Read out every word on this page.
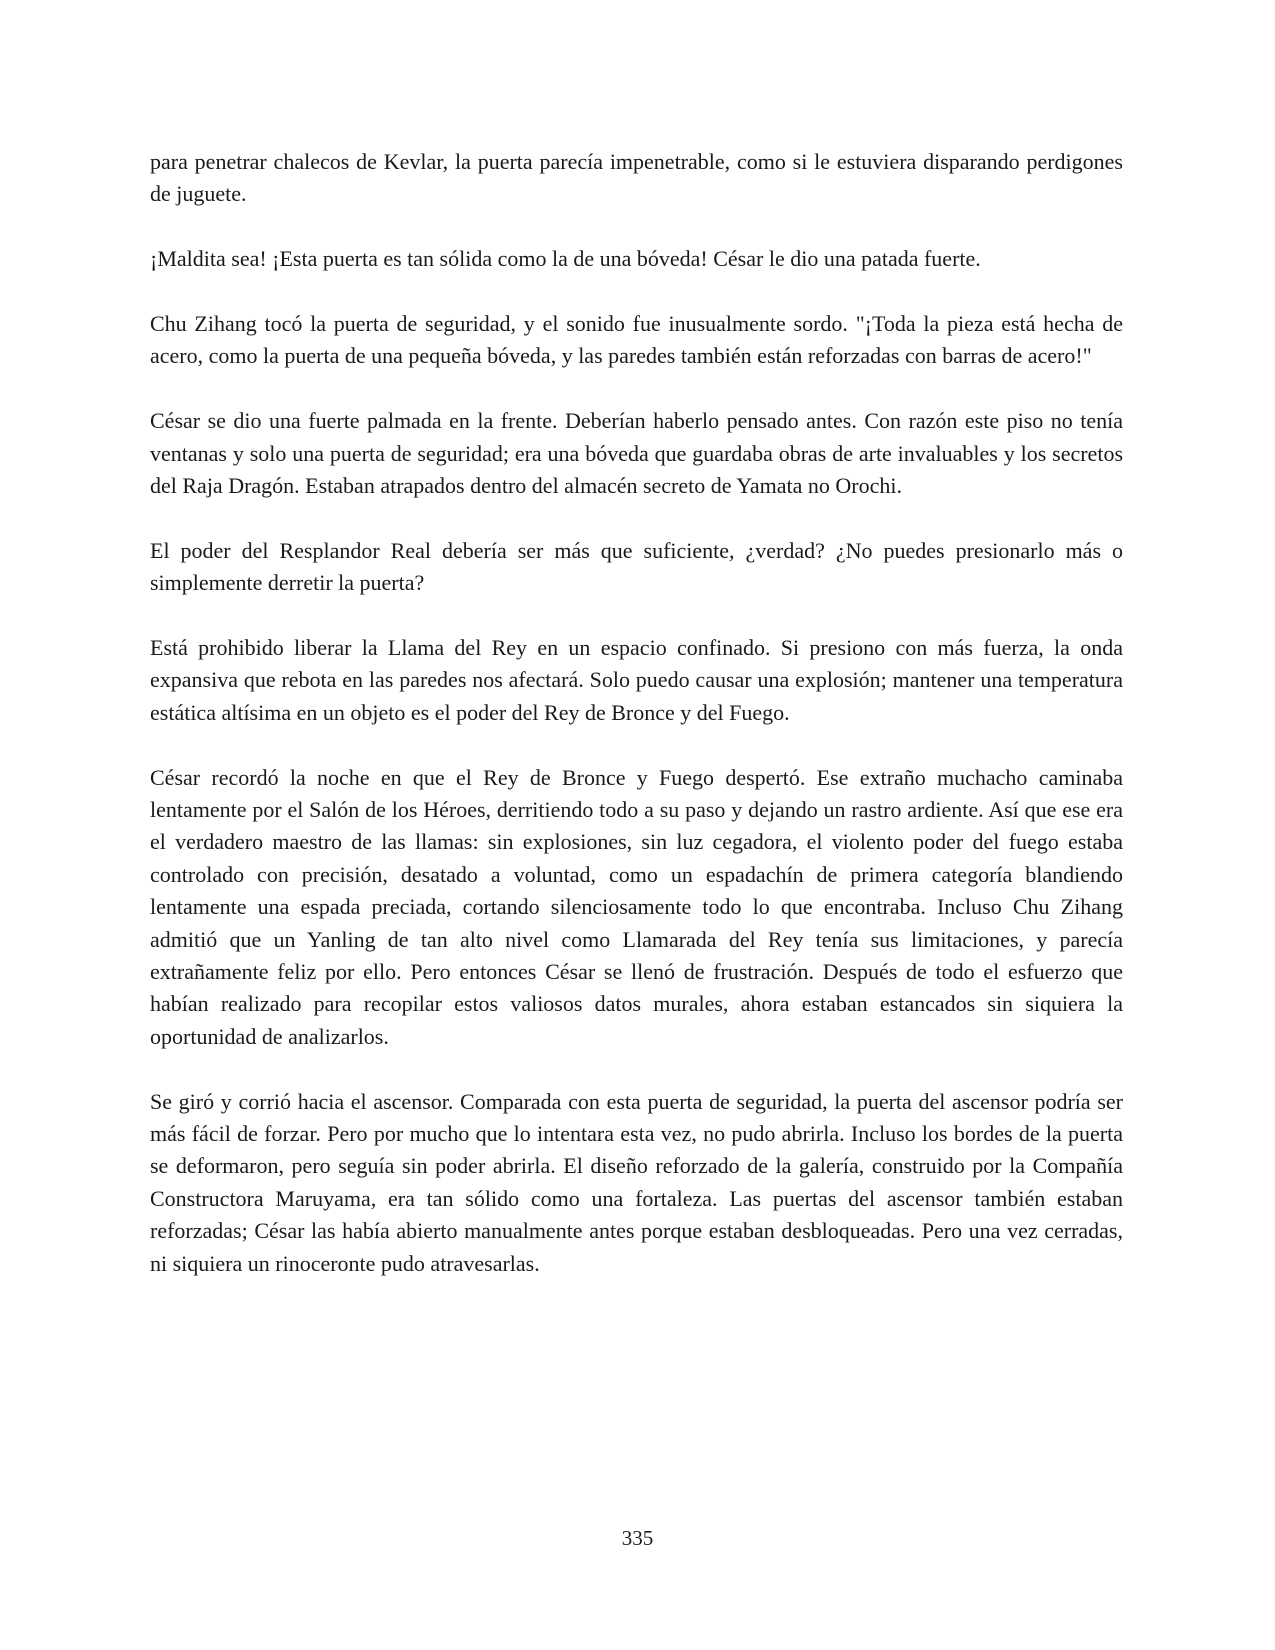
para penetrar chalecos de Kevlar, la puerta parecía impenetrable, como si le estuviera disparando perdigones de juguete.

¡Maldita sea! ¡Esta puerta es tan sólida como la de una bóveda! César le dio una patada fuerte.

Chu Zihang tocó la puerta de seguridad, y el sonido fue inusualmente sordo. "¡Toda la pieza está hecha de acero, como la puerta de una pequeña bóveda, y las paredes también están reforzadas con barras de acero!"

César se dio una fuerte palmada en la frente. Deberían haberlo pensado antes. Con razón este piso no tenía ventanas y solo una puerta de seguridad; era una bóveda que guardaba obras de arte invaluables y los secretos del Raja Dragón. Estaban atrapados dentro del almacén secreto de Yamata no Orochi.

El poder del Resplandor Real debería ser más que suficiente, ¿verdad? ¿No puedes presionarlo más o simplemente derretir la puerta?

Está prohibido liberar la Llama del Rey en un espacio confinado. Si presiono con más fuerza, la onda expansiva que rebota en las paredes nos afectará. Solo puedo causar una explosión; mantener una temperatura estática altísima en un objeto es el poder del Rey de Bronce y del Fuego.

César recordó la noche en que el Rey de Bronce y Fuego despertó. Ese extraño muchacho caminaba lentamente por el Salón de los Héroes, derritiendo todo a su paso y dejando un rastro ardiente. Así que ese era el verdadero maestro de las llamas: sin explosiones, sin luz cegadora, el violento poder del fuego estaba controlado con precisión, desatado a voluntad, como un espadachín de primera categoría blandiendo lentamente una espada preciada, cortando silenciosamente todo lo que encontraba. Incluso Chu Zihang admitió que un Yanling de tan alto nivel como Llamarada del Rey tenía sus limitaciones, y parecía extrañamente feliz por ello. Pero entonces César se llenó de frustración. Después de todo el esfuerzo que habían realizado para recopilar estos valiosos datos murales, ahora estaban estancados sin siquiera la oportunidad de analizarlos.

Se giró y corrió hacia el ascensor. Comparada con esta puerta de seguridad, la puerta del ascensor podría ser más fácil de forzar. Pero por mucho que lo intentara esta vez, no pudo abrirla. Incluso los bordes de la puerta se deformaron, pero seguía sin poder abrirla. El diseño reforzado de la galería, construido por la Compañía Constructora Maruyama, era tan sólido como una fortaleza. Las puertas del ascensor también estaban reforzadas; César las había abierto manualmente antes porque estaban desbloqueadas. Pero una vez cerradas, ni siquiera un rinoceronte pudo atravesarlas.

335
